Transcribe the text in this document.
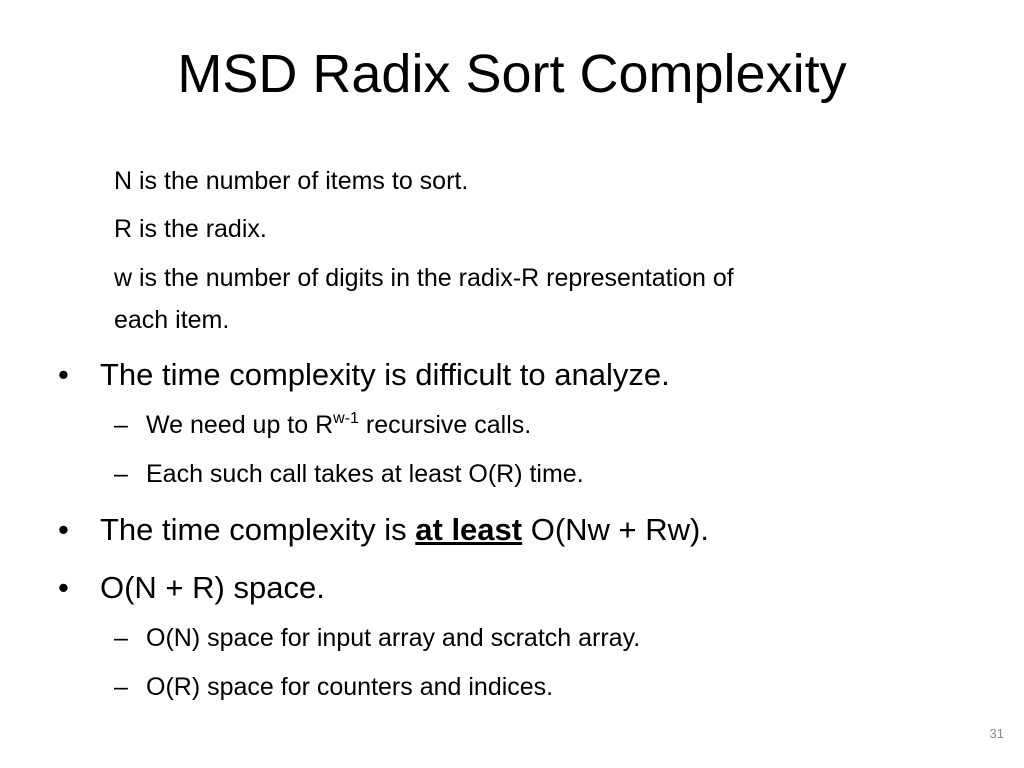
MSD Radix Sort Complexity
N is the number of items to sort.
R is the radix.
w is the number of digits in the radix-R representation of
each item.
• The time complexity is difficult to analyze.
– We need up to $R^{w-1}$ recursive calls.
– Each such call takes at least O(R) time.
• The time complexity is at least O(Nw + Rw).
• O(N + R) space.
– O(N) space for input array and scratch array.
– O(R) space for counters and indices.
31
